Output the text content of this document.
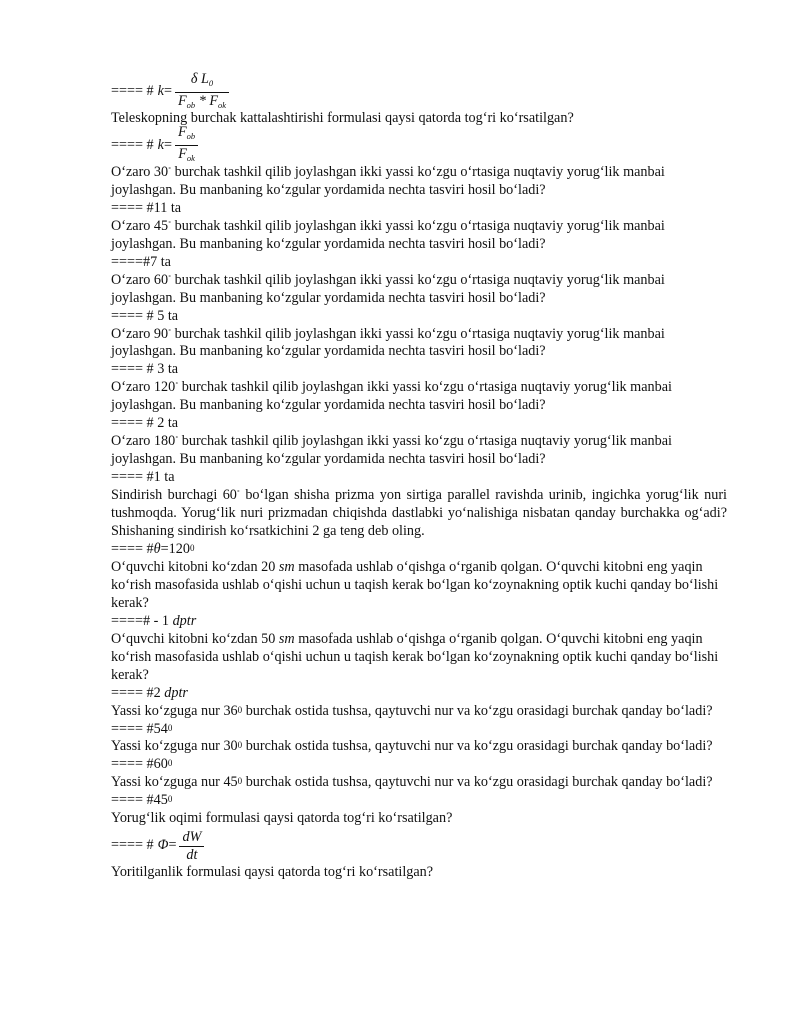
==== # $k = \frac{\delta L_0}{F_{ob} * F_{ok}}$

Teleskopning burchak kattalashtirishi formulasi qaysi qatorda tog‘ri ko‘rsatilgan?

==== # $k = \frac{F_{ob}}{F_{ok}}$

O‘zaro 30˚ burchak tashkil qilib joylashgan ikki yassi ko‘zgu o‘rtasiga nuqtaviy yorug‘lik manbai joylashgan. Bu manbaning ko‘zgular yordamida nechta tasviri hosil bo‘ladi?

==== #11 ta

O‘zaro 45˚ burchak tashkil qilib joylashgan ikki yassi ko‘zgu o‘rtasiga nuqtaviy yorug‘lik manbai joylashgan. Bu manbaning ko‘zgular yordamida nechta tasviri hosil bo‘ladi?

====#7 ta

O‘zaro 60˚ burchak tashkil qilib joylashgan ikki yassi ko‘zgu o‘rtasiga nuqtaviy yorug‘lik manbai joylashgan. Bu manbaning ko‘zgular yordamida nechta tasviri hosil bo‘ladi?

==== # 5 ta

O‘zaro 90˚ burchak tashkil qilib joylashgan ikki yassi ko‘zgu o‘rtasiga nuqtaviy yorug‘lik manbai joylashgan. Bu manbaning ko‘zgular yordamida nechta tasviri hosil bo‘ladi?

==== # 3 ta

O‘zaro 120˚ burchak tashkil qilib joylashgan ikki yassi ko‘zgu o‘rtasiga nuqtaviy yorug‘lik manbai joylashgan. Bu manbaning ko‘zgular yordamida nechta tasviri hosil bo‘ladi?

==== # 2 ta

O‘zaro 180˚ burchak tashkil qilib joylashgan ikki yassi ko‘zgu o‘rtasiga nuqtaviy yorug‘lik manbai joylashgan. Bu manbaning ko‘zgular yordamida nechta tasviri hosil bo‘ladi?

==== #1 ta

Sindirish burchagi 60˚ bo‘lgan shisha prizma yon sirtiga parallel ravishda urinib, ingichka yorug‘lik nuri tushmoqda. Yorug‘lik nuri prizmadan chiqishda dastlabki yo‘nalishiga nisbatan qanday burchakka og‘adi? Shishaning sindirish ko‘rsatkichini 2 ga teng deb oling.

==== $\#\theta=120^0$

O‘quvchi kitobni ko‘zdan 20 sm masofada ushlab o‘qishga o‘rganib qolgan. O‘quvchi kitobni eng yaqin ko‘rish masofasida ushlab o‘qishi uchun u taqish kerak bo‘lgan ko‘zoynakning optik kuchi qanday bo‘lishi kerak?

====# - 1 dptr

O‘quvchi kitobni ko‘zdan 50 sm masofada ushlab o‘qishga o‘rganib qolgan. O‘quvchi kitobni eng yaqin ko‘rish masofasida ushlab o‘qishi uchun u taqish kerak bo‘lgan ko‘zoynakning optik kuchi qanday bo‘lishi kerak?

==== #2 dptr

Yassi ko‘zguga nur $36^0$ burchak ostida tushsa, qaytuvchi nur va ko‘zgu orasidagi burchak qanday bo‘ladi?

==== $\#54^0$

Yassi ko‘zguga nur $30^0$ burchak ostida tushsa, qaytuvchi nur va ko‘zgu orasidagi burchak qanday bo‘ladi?

==== $\#60^0$

Yassi ko‘zguga nur $45^0$ burchak ostida tushsa, qaytuvchi nur va ko‘zgu orasidagi burchak qanday bo‘ladi?

==== $\#45^0$

Yorug‘lik oqimi formulasi qaysi qatorda tog‘ri ko‘rsatilgan?

==== # $\Phi = \frac{dW}{dt}$

Yoritilganlik formulasi qaysi qatorda tog‘ri ko‘rsatilgan?
